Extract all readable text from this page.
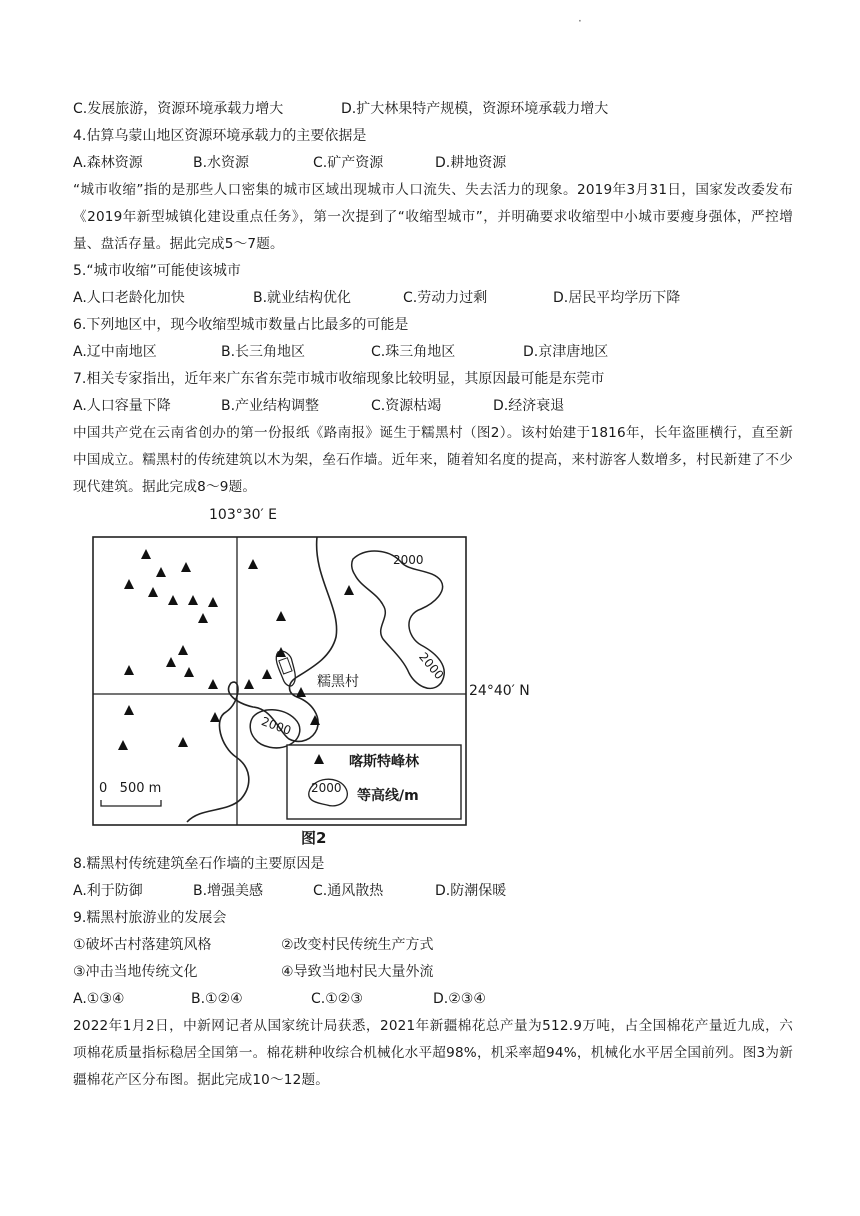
·
C.发展旅游，资源环境承载力增大	D.扩大林果特产规模，资源环境承载力增大
4.估算乌蒙山地区资源环境承载力的主要依据是
A.森林资源	B.水资源	C.矿产资源	D.耕地资源
“城市收缩”指的是那些人口密集的城市区域出现城市人口流失、失去活力的现象。2019年3月31日，国家发改委发布《2019年新型城镇化建设重点任务》，第一次提到了“收缩型城市”，并明确要求收缩型中小城市要瘦身强体，严控增量、盘活存量。据此完成5～7题。
5.“城市收缩”可能使该城市
A.人口老龄化加快	B.就业结构优化	C.劳动力过剩	D.居民平均学历下降
6.下列地区中，现今收缩型城市数量占比最多的可能是
A.辽中南地区	B.长三角地区	C.珠三角地区	D.京津唐地区
7.相关专家指出，近年来广东省东莞市城市收缩现象比较明显，其原因最可能是东莞市
A.人口容量下降	B.产业结构调整	C.资源枯竭	D.经济衰退
中国共产党在云南省创办的第一份报纸《路南报》诞生于糯黑村（图2）。该村始建于1816年，长年盗匪横行，直至新中国成立。糯黑村的传统建筑以木为架，垒石作墙。近年来，随着知名度的提高，来村游客人数增多，村民新建了不少现代建筑。据此完成8～9题。
103°30′ E
24°40′ N
糯黑村
2000
2000
2000
2000
喀斯特峰林
等高线/m
0   500 m
图2
8.糯黑村传统建筑垒石作墙的主要原因是
A.利于防御	B.增强美感	C.通风散热	D.防潮保暖
9.糯黑村旅游业的发展会
①破坏古村落建筑风格	②改变村民传统生产方式
③冲击当地传统文化	④导致当地村民大量外流
A.①③④	B.①②④	C.①②③	D.②③④
2022年1月2日，中新网记者从国家统计局获悉，2021年新疆棉花总产量为512.9万吨，占全国棉花产量近九成，六项棉花质量指标稳居全国第一。棉花耕种收综合机械化水平超98%，机采率超94%，机械化水平居全国前列。图3为新疆棉花产区分布图。据此完成10～12题。
